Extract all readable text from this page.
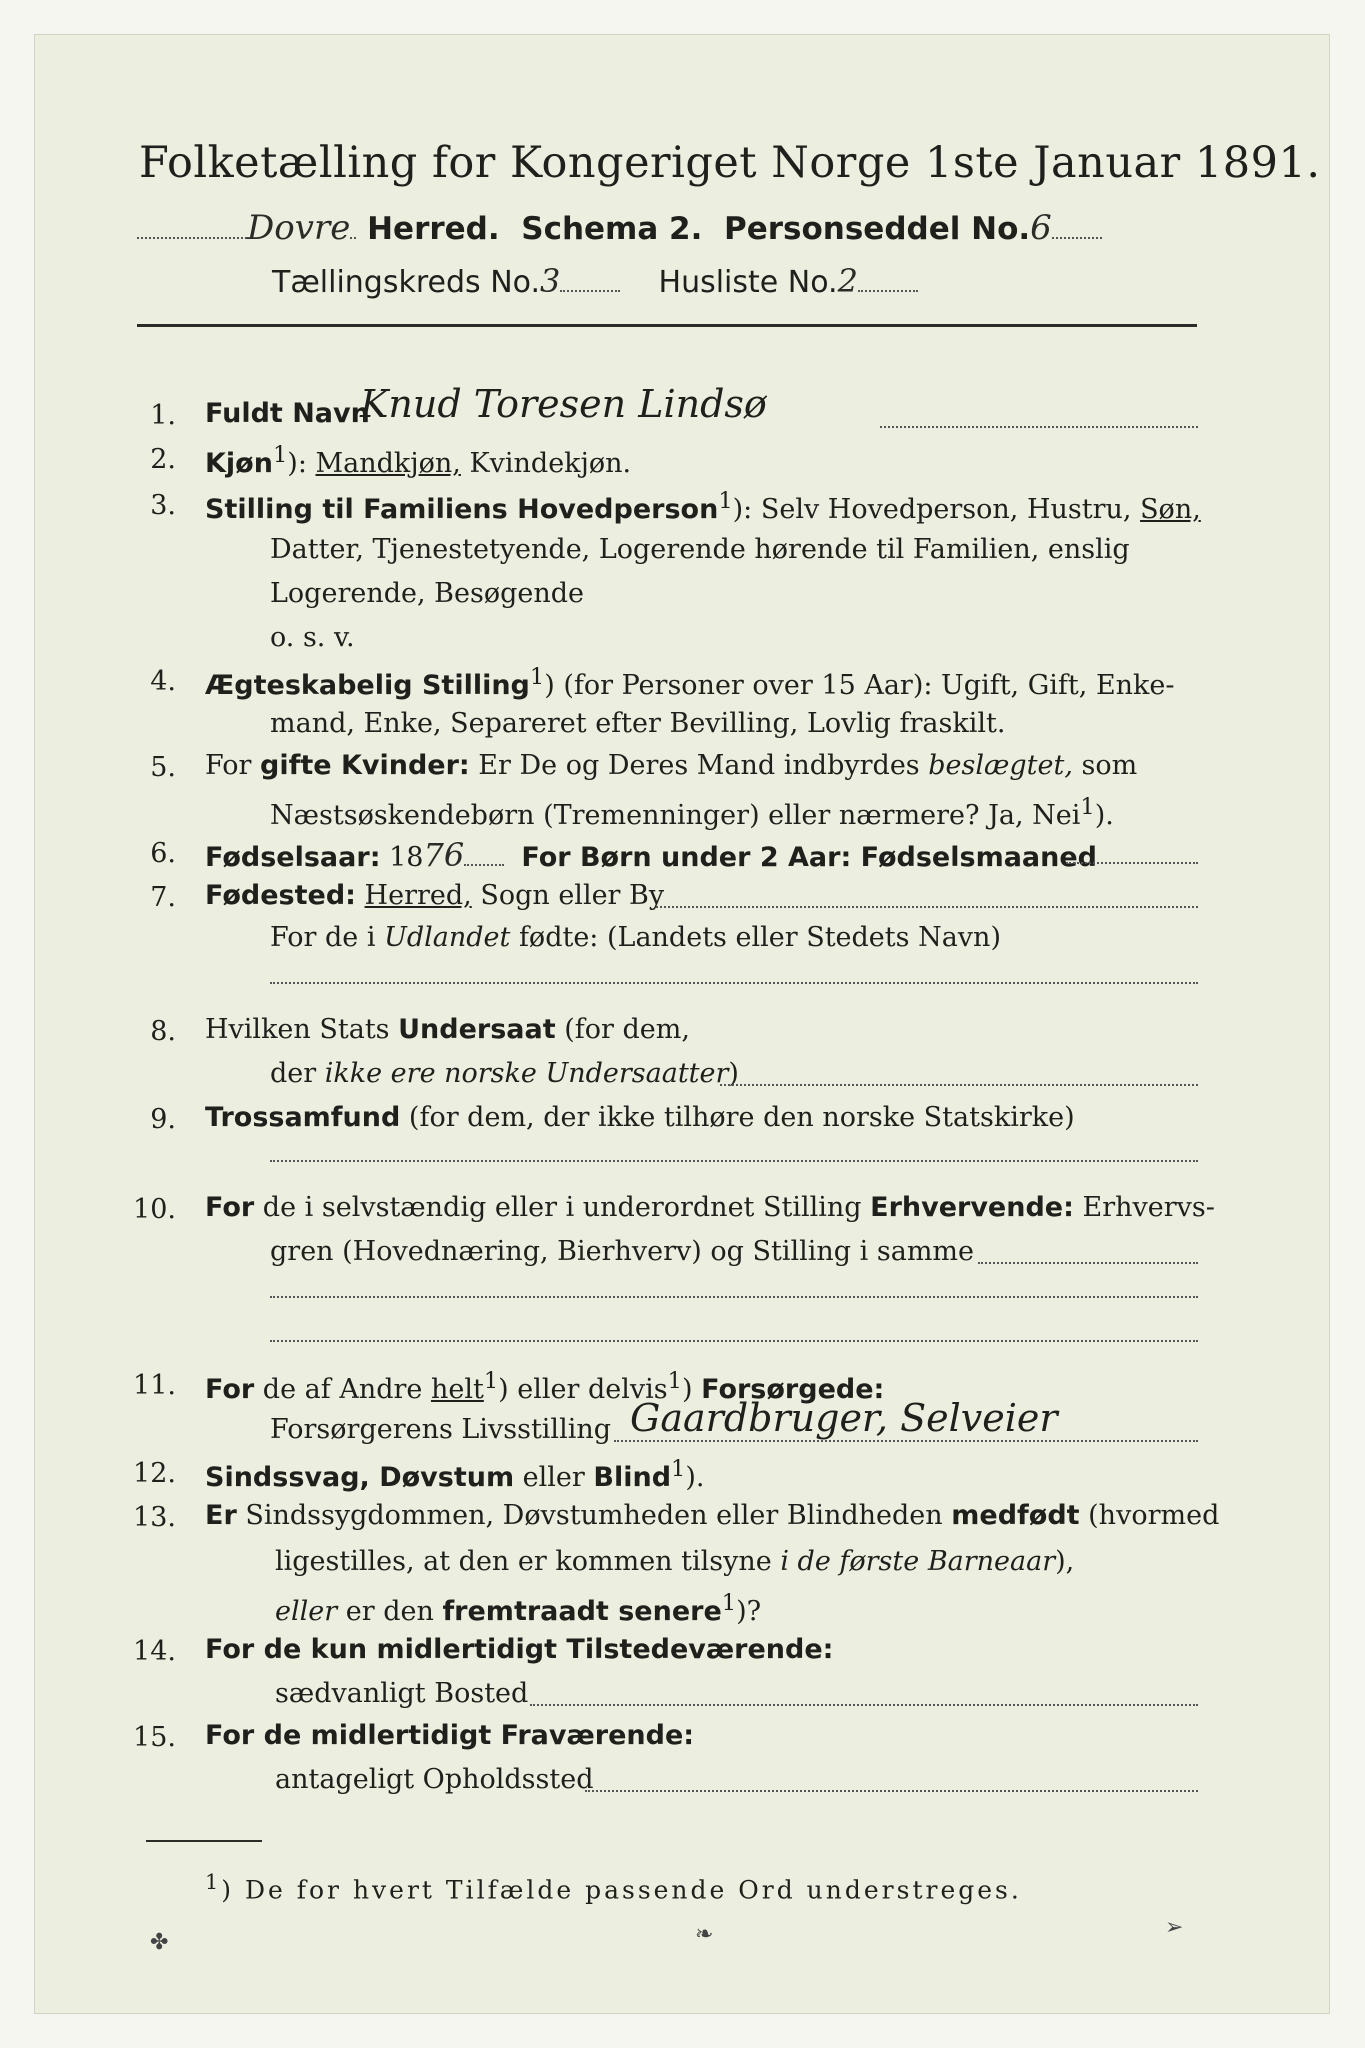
Folketælling for Kongeriget Norge 1ste Januar 1891.
Dovre Herred. Schema 2. Personseddel No.6
Tællingskreds No.3	Husliste No.2
1. Fuldt Navn
Knud Toresen Lindsø
2. Kjøn$^1$): Mandkjøn, Kvindekjøn.
3. Stilling til Familiens Hovedperson$^1$): Selv Hovedperson, Hustru, Søn,
Datter, Tjenestetyende, Logerende hørende til Familien, enslig
Logerende, Besøgende
o. s. v.
4. Ægteskabelig Stilling$^1$) (for Personer over 15 Aar): Ugift, Gift, Enke-
mand, Enke, Separeret efter Bevilling, Lovlig fraskilt.
5. For gifte Kvinder: Er De og Deres Mand indbyrdes beslægtet, som
Næstsøskendebørn (Tremenninger) eller nærmere? Ja, Nei$^1$).
6. Fødselsaar: 1876 For Børn under 2 Aar: Fødselsmaaned
7. Fødested: Herred, Sogn eller By
For de i Udlandet fødte: (Landets eller Stedets Navn)
8. Hvilken Stats Undersaat (for dem,
der ikke ere norske Undersaatter)
9. Trossamfund (for dem, der ikke tilhøre den norske Statskirke)
10. For de i selvstændig eller i underordnet Stilling Erhvervende: Erhvervs-
gren (Hovednæring, Bierhverv) og Stilling i samme
11. For de af Andre helt$^1$) eller delvis$^1$) Forsørgede:
Forsørgerens Livsstilling Gaardbruger, Selveier
12. Sindssvag, Døvstum eller Blind$^1$).
13. Er Sindssygdommen, Døvstumheden eller Blindheden medfødt (hvormed
ligestilles, at den er kommen tilsyne i de første Barneaar),
eller er den fremtraadt senere$^1$)?
14. For de kun midlertidigt Tilstedeværende:
sædvanligt Bosted
15. For de midlertidigt Fraværende:
antageligt Opholdssted
$^1$) De for hvert Tilfælde passende Ord understreges.
✤	❧	➢
